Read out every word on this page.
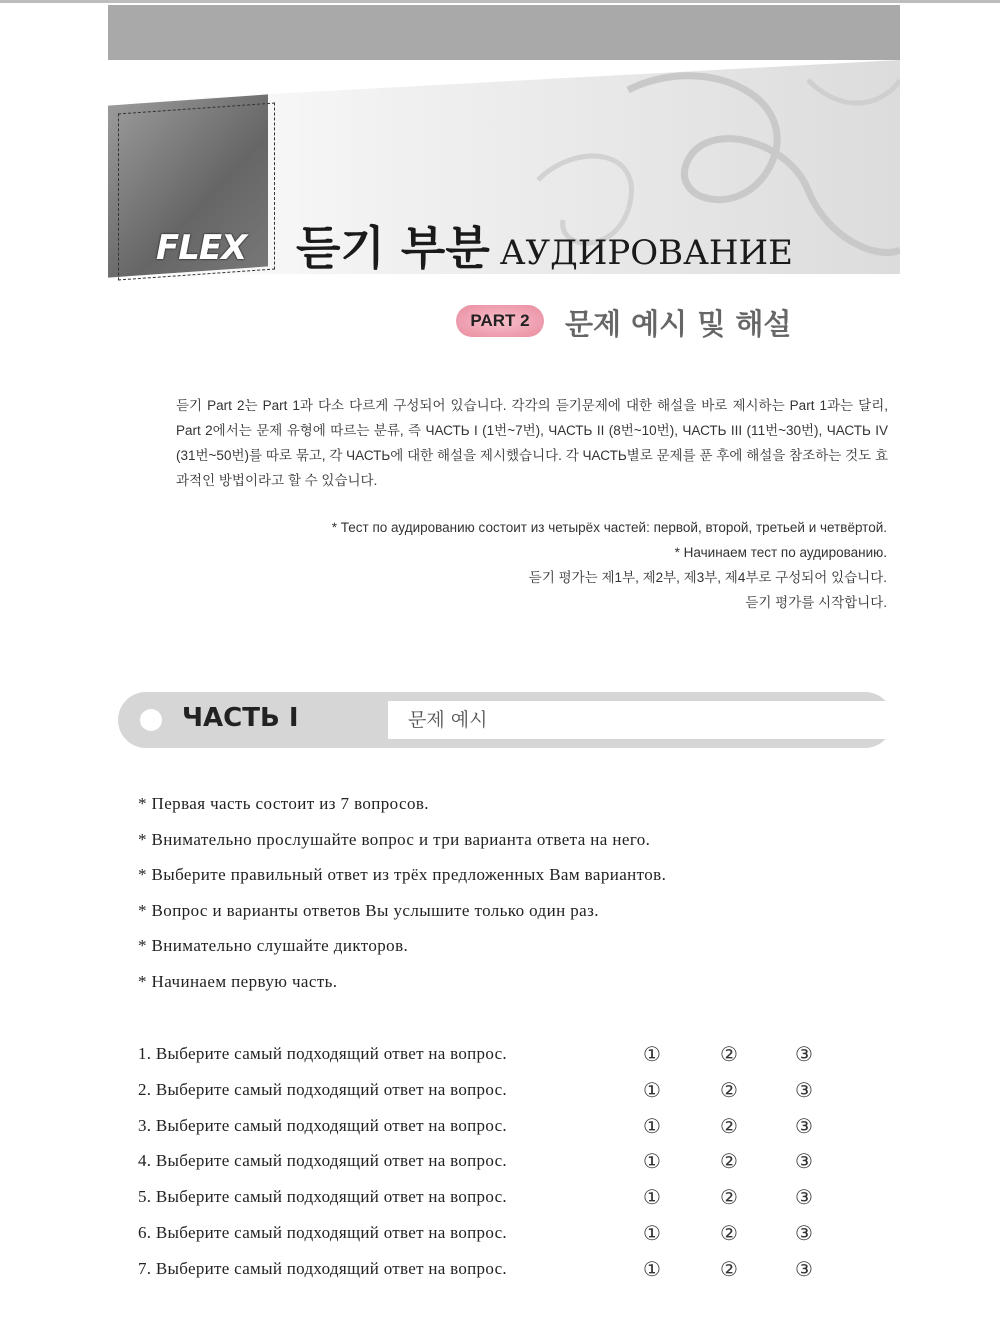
FLEX 듣기 부분 АУДИРОВАНИЕ
PART 2	문제 예시 및 해설
듣기 Part 2는 Part 1과 다소 다르게 구성되어 있습니다. 각각의 듣기문제에 대한 해설을 바로 제시하는 Part 1과는 달리, Part 2에서는 문제 유형에 따르는 분류, 즉 ЧАСТЬ I (1번~7번), ЧАСТЬ II (8번~10번), ЧАСТЬ III (11번~30번), ЧАСТЬ IV (31번~50번)를 따로 묶고, 각 ЧАСТЬ에 대한 해설을 제시했습니다. 각 ЧАСТЬ별로 문제를 푼 후에 해설을 참조하는 것도 효과적인 방법이라고 할 수 있습니다.
* Тест по аудированию состоит из четырёх частей: первой, второй, третьей и четвёртой.
* Начинаем тест по аудированию.
듣기 평가는 제1부, 제2부, 제3부, 제4부로 구성되어 있습니다.
듣기 평가를 시작합니다.
ЧАСТЬ I	문제 예시
* Первая часть состоит из 7 вопросов.
* Внимательно прослушайте вопрос и три варианта ответа на него.
* Выберите правильный ответ из трёх предложенных Вам вариантов.
* Вопрос и варианты ответов Вы услышите только один раз.
* Внимательно слушайте дикторов.
* Начинаем первую часть.
1. Выберите самый подходящий ответ на вопрос.	①	②	③
2. Выберите самый подходящий ответ на вопрос.	①	②	③
3. Выберите самый подходящий ответ на вопрос.	①	②	③
4. Выберите самый подходящий ответ на вопрос.	①	②	③
5. Выберите самый подходящий ответ на вопрос.	①	②	③
6. Выберите самый подходящий ответ на вопрос.	①	②	③
7. Выберите самый подходящий ответ на вопрос.	①	②	③
